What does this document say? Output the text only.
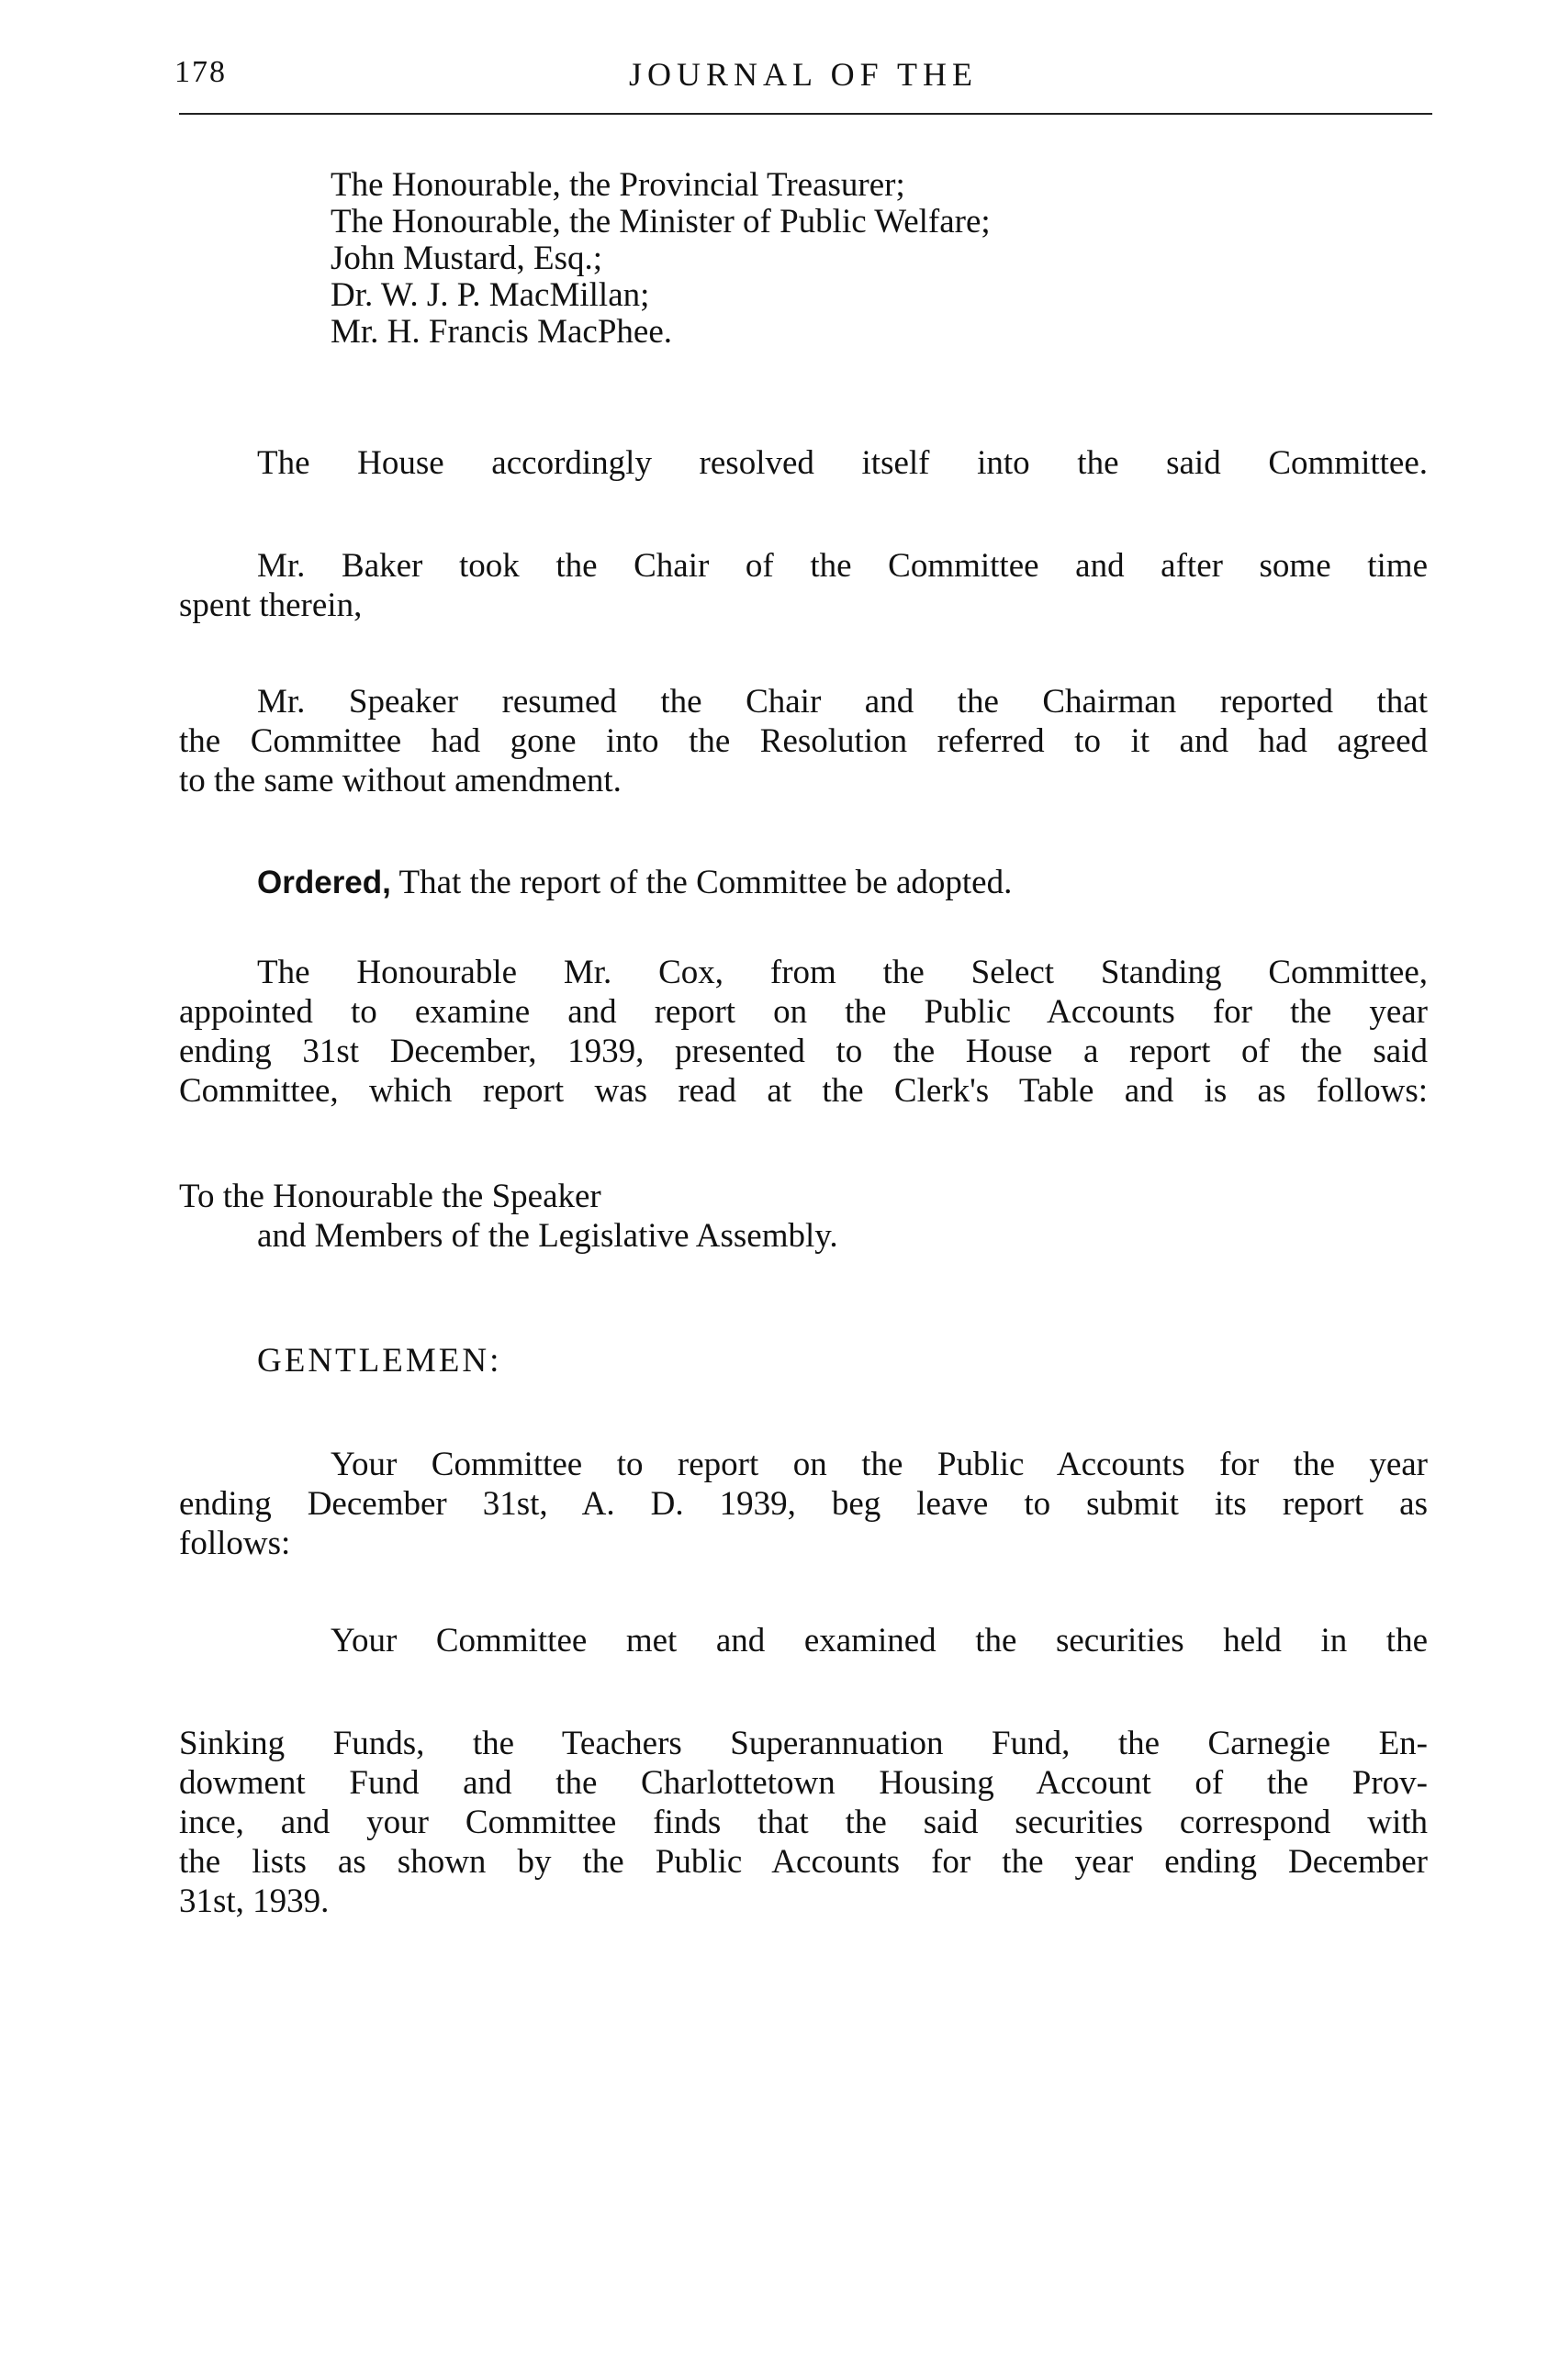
178	JOURNAL OF THE
The Honourable, the Provincial Treasurer;
The Honourable, the Minister of Public Welfare;
John Mustard, Esq.;
Dr. W. J. P. MacMillan;
Mr. H. Francis MacPhee.

The House accordingly resolved itself into the said Committee.

Mr. Baker took the Chair of the Committee and after some time

spent therein,

Mr. Speaker resumed the Chair and the Chairman reported that

the Committee had gone into the Resolution referred to it and had agreed

to the same without amendment.

Ordered, That the report of the Committee be adopted.

The Honourable Mr. Cox, from the Select Standing Committee,

appointed to examine and report on the Public Accounts for the year

ending 31st December, 1939, presented to the House a report of the said

Committee, which report was read at the Clerk's Table and is as follows:

To the Honourable the Speaker

and Members of the Legislative Assembly.

GENTLEMEN:

Your Committee to report on the Public Accounts for the year

ending December 31st, A. D. 1939, beg leave to submit its report as

follows:

Your Committee met and examined the securities held in the

Sinking Funds, the Teachers Superannuation Fund, the Carnegie En-

dowment Fund and the Charlottetown Housing Account of the Prov-

ince, and your Committee finds that the said securities correspond with

the lists as shown by the Public Accounts for the year ending December

31st, 1939.
